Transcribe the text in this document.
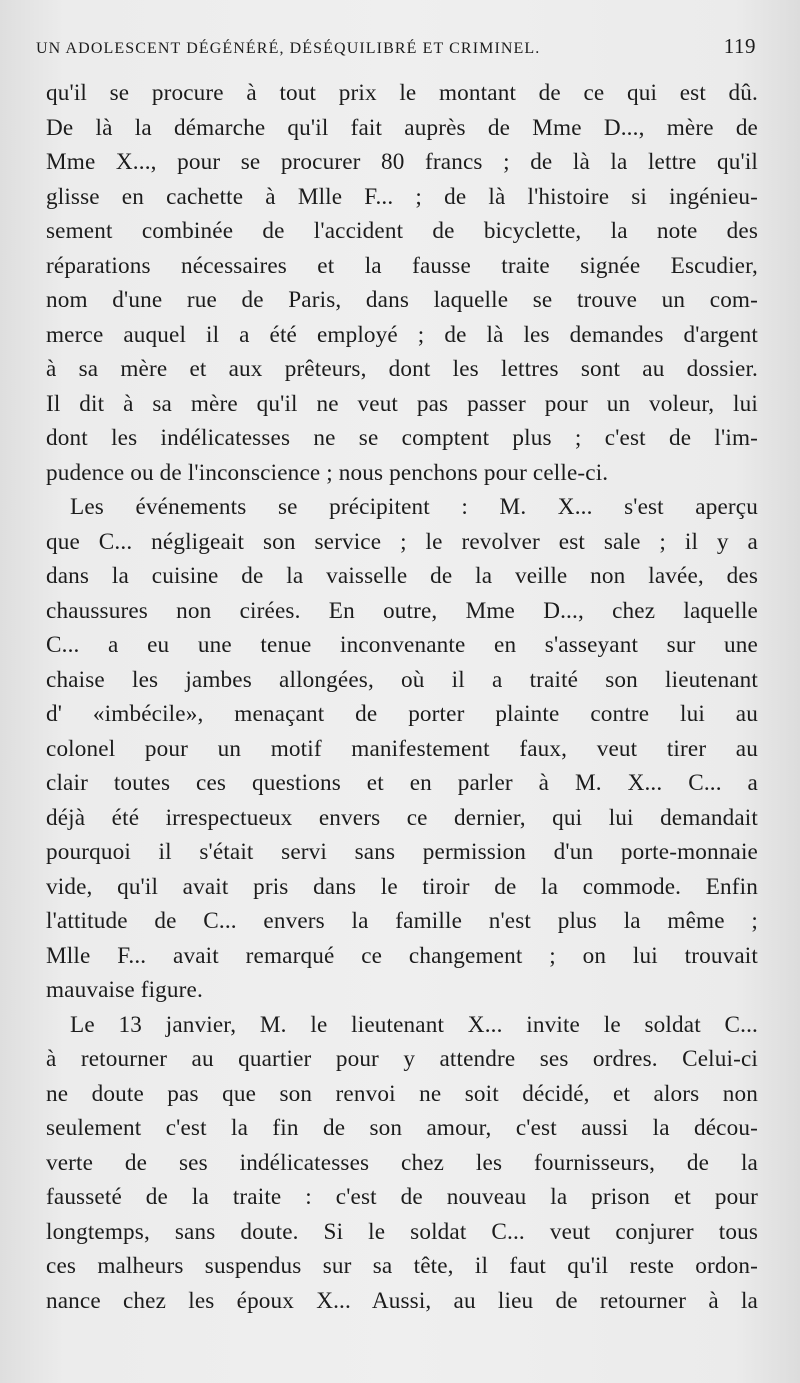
UN ADOLESCENT DÉGÉNÉRÉ, DÉSÉQUILIBRÉ ET CRIMINEL.	119

qu'il se procure à tout prix le montant de ce qui est dû.
De là la démarche qu'il fait auprès de Mme D..., mère de
Mme X..., pour se procurer 80 francs ; de là la lettre qu'il
glisse en cachette à Mlle F... ; de là l'histoire si ingénieu-
sement combinée de l'accident de bicyclette, la note des
réparations nécessaires et la fausse traite signée Escudier,
nom d'une rue de Paris, dans laquelle se trouve un com-
merce auquel il a été employé ; de là les demandes d'argent
à sa mère et aux prêteurs, dont les lettres sont au dossier.
Il dit à sa mère qu'il ne veut pas passer pour un voleur, lui
dont les indélicatesses ne se comptent plus ; c'est de l'im-
pudence ou de l'inconscience ; nous penchons pour celle-ci.

Les événements se précipitent : M. X... s'est aperçu
que C... négligeait son service ; le revolver est sale ; il y a
dans la cuisine de la vaisselle de la veille non lavée, des
chaussures non cirées. En outre, Mme D..., chez laquelle
C... a eu une tenue inconvenante en s'asseyant sur une
chaise les jambes allongées, où il a traité son lieutenant
d' «imbécile», menaçant de porter plainte contre lui au
colonel pour un motif manifestement faux, veut tirer au
clair toutes ces questions et en parler à M. X... C... a
déjà été irrespectueux envers ce dernier, qui lui demandait
pourquoi il s'était servi sans permission d'un porte-monnaie
vide, qu'il avait pris dans le tiroir de la commode. Enfin
l'attitude de C... envers la famille n'est plus la même ;
Mlle F... avait remarqué ce changement ; on lui trouvait
mauvaise figure.

Le 13 janvier, M. le lieutenant X... invite le soldat C...
à retourner au quartier pour y attendre ses ordres. Celui-ci
ne doute pas que son renvoi ne soit décidé, et alors non
seulement c'est la fin de son amour, c'est aussi la décou-
verte de ses indélicatesses chez les fournisseurs, de la
fausseté de la traite : c'est de nouveau la prison et pour
longtemps, sans doute. Si le soldat C... veut conjurer tous
ces malheurs suspendus sur sa tête, il faut qu'il reste ordon-
nance chez les époux X... Aussi, au lieu de retourner à la
